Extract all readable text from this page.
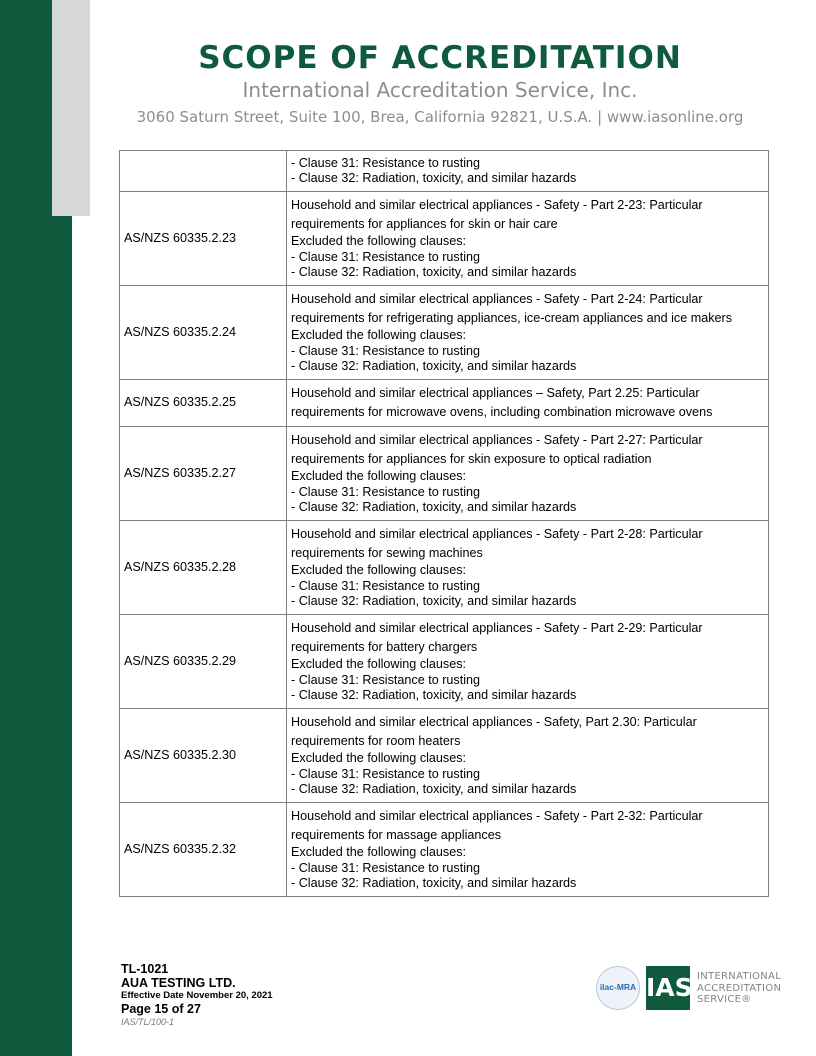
SCOPE OF ACCREDITATION
International Accreditation Service, Inc.
3060 Saturn Street, Suite 100, Brea, California 92821, U.S.A. | www.iasonline.org

	- Clause 31: Resistance to rusting
- Clause 32: Radiation, toxicity, and similar hazards

AS/NZS 60335.2.23	Household and similar electrical appliances - Safety - Part 2-23: Particular requirements for appliances for skin or hair care
Excluded the following clauses:
- Clause 31: Resistance to rusting
- Clause 32: Radiation, toxicity, and similar hazards

AS/NZS 60335.2.24	Household and similar electrical appliances - Safety - Part 2-24: Particular requirements for refrigerating appliances, ice-cream appliances and ice makers
Excluded the following clauses:
- Clause 31: Resistance to rusting
- Clause 32: Radiation, toxicity, and similar hazards

AS/NZS 60335.2.25	Household and similar electrical appliances – Safety, Part 2.25: Particular requirements for microwave ovens, including combination microwave ovens

AS/NZS 60335.2.27	Household and similar electrical appliances - Safety - Part 2-27: Particular requirements for appliances for skin exposure to optical radiation
Excluded the following clauses:
- Clause 31: Resistance to rusting
- Clause 32: Radiation, toxicity, and similar hazards

AS/NZS 60335.2.28	Household and similar electrical appliances - Safety - Part 2-28: Particular requirements for sewing machines
Excluded the following clauses:
- Clause 31: Resistance to rusting
- Clause 32: Radiation, toxicity, and similar hazards

AS/NZS 60335.2.29	Household and similar electrical appliances - Safety - Part 2-29: Particular requirements for battery chargers
Excluded the following clauses:
- Clause 31: Resistance to rusting
- Clause 32: Radiation, toxicity, and similar hazards

AS/NZS 60335.2.30	Household and similar electrical appliances - Safety, Part 2.30: Particular requirements for room heaters
Excluded the following clauses:
- Clause 31: Resistance to rusting
- Clause 32: Radiation, toxicity, and similar hazards

AS/NZS 60335.2.32	Household and similar electrical appliances - Safety - Part 2-32: Particular requirements for massage appliances
Excluded the following clauses:
- Clause 31: Resistance to rusting
- Clause 32: Radiation, toxicity, and similar hazards
TL-1021
AUA TESTING LTD.
Effective Date November 20, 2021
Page 15 of 27
IAS/TL/100-1
ilac-MRA IAS INTERNATIONAL
ACCREDITATION
SERVICE®
